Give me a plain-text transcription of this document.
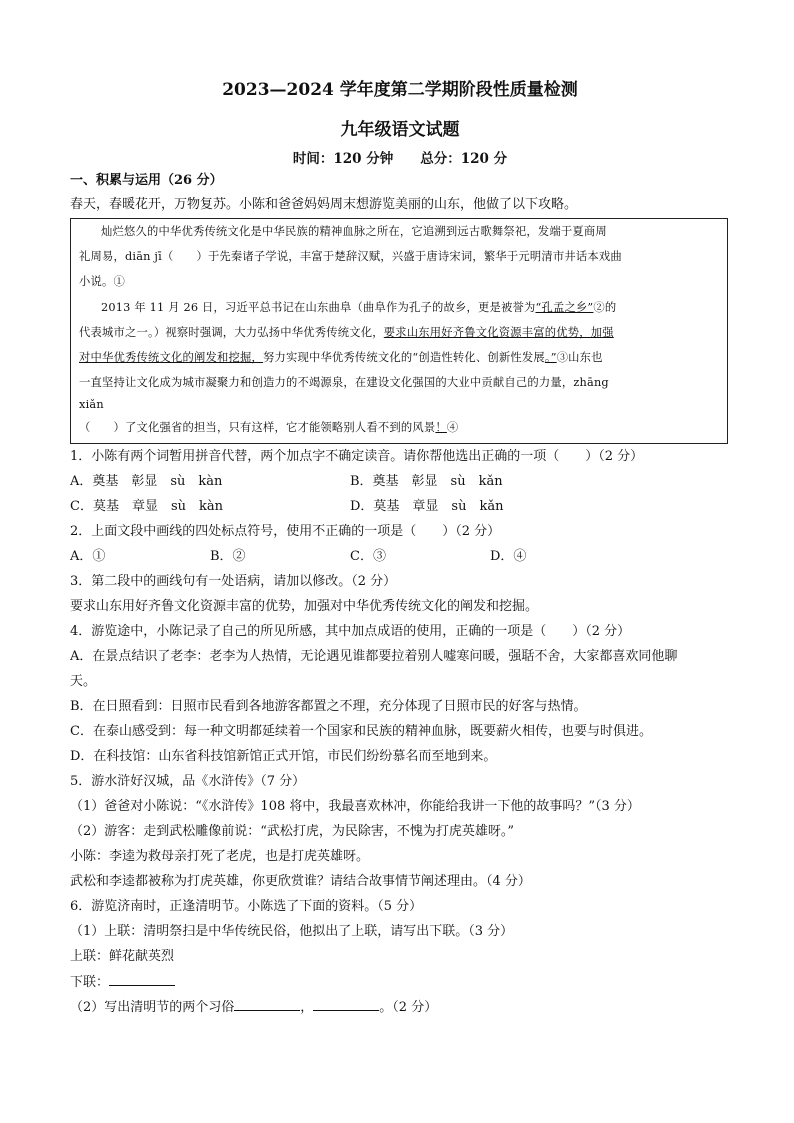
2023—2024 学年度第二学期阶段性质量检测
九年级语文试题
时间：120 分钟　　总分：120 分
一、积累与运用（26 分）
春天，春暖花开，万物复苏。小陈和爸爸妈妈周末想游览美丽的山东，他做了以下攻略。
灿烂悠久的中华优秀传统文化是中华民族的精神血脉之所在，它追溯到远古歌舞祭祀，发端于夏商周
礼周易，diān jī（　　）于先秦诸子学说，丰富于楚辞汉赋，兴盛于唐诗宋词，繁华于元明清市井话本戏曲
小说。①
2013 年 11 月 26 日，习近平总书记在山东曲阜（曲阜作为孔子的故乡，更是被誉为“孔孟之乡”②的
代表城市之一。）视察时强调，大力弘扬中华优秀传统文化，要求山东用好齐鲁文化资源丰富的优势，加强
对中华优秀传统文化的阐发和挖掘，努力实现中华优秀传统文化的“创造性转化、创新性发展。”③山东也
一直坚持让文化成为城市凝聚力和创造力的不竭源泉，在建设文化强国的大业中贡献自己的力量，zhāng
xiǎn
（　　）了文化强省的担当，只有这样，它才能领略别人看不到的风景！④
1．小陈有两个词暂用拼音代替，两个加点字不确定读音。请你帮他选出正确的一项（　　）（2 分）
A．奠基　彰显　sù　kàn	B．奠基　彰显　sù　kǎn
C．莫基　章显　sù　kàn	D．莫基　章显　sù　kǎn
2．上面文段中画线的四处标点符号，使用不正确的一项是（　　）（2 分）
A．①	B．②	C．③	D．④
3．第二段中的画线句有一处语病，请加以修改。（2 分）
要求山东用好齐鲁文化资源丰富的优势，加强对中华优秀传统文化的阐发和挖掘。
4．游览途中，小陈记录了自己的所见所感，其中加点成语的使用，正确的一项是（　　）（2 分）
A．在景点结识了老李：老李为人热情，无论遇见谁都要拉着别人嘘寒问暖，强聒不舍，大家都喜欢同他聊
天。
B．在日照看到：日照市民看到各地游客都置之不理，充分体现了日照市民的好客与热情。
C．在泰山感受到：每一种文明都延续着一个国家和民族的精神血脉，既要薪火相传，也要与时俱进。
D．在科技馆：山东省科技馆新馆正式开馆，市民们纷纷慕名而至地到来。
5．游水浒好汉城，品《水浒传》（7 分）
（1）爸爸对小陈说：“《水浒传》108 将中，我最喜欢林冲，你能给我讲一下他的故事吗？”（3 分）
（2）游客：走到武松雕像前说：“武松打虎，为民除害，不愧为打虎英雄呀。”
小陈：李逵为救母亲打死了老虎，也是打虎英雄呀。
武松和李逵都被称为打虎英雄，你更欣赏谁？请结合故事情节阐述理由。（4 分）
6．游览济南时，正逢清明节。小陈选了下面的资料。（5 分）
（1）上联：清明祭扫是中华传统民俗，他拟出了上联，请写出下联。（3 分）
上联：鲜花献英烈
下联：
（2）写出清明节的两个习俗	，	。（2 分）
